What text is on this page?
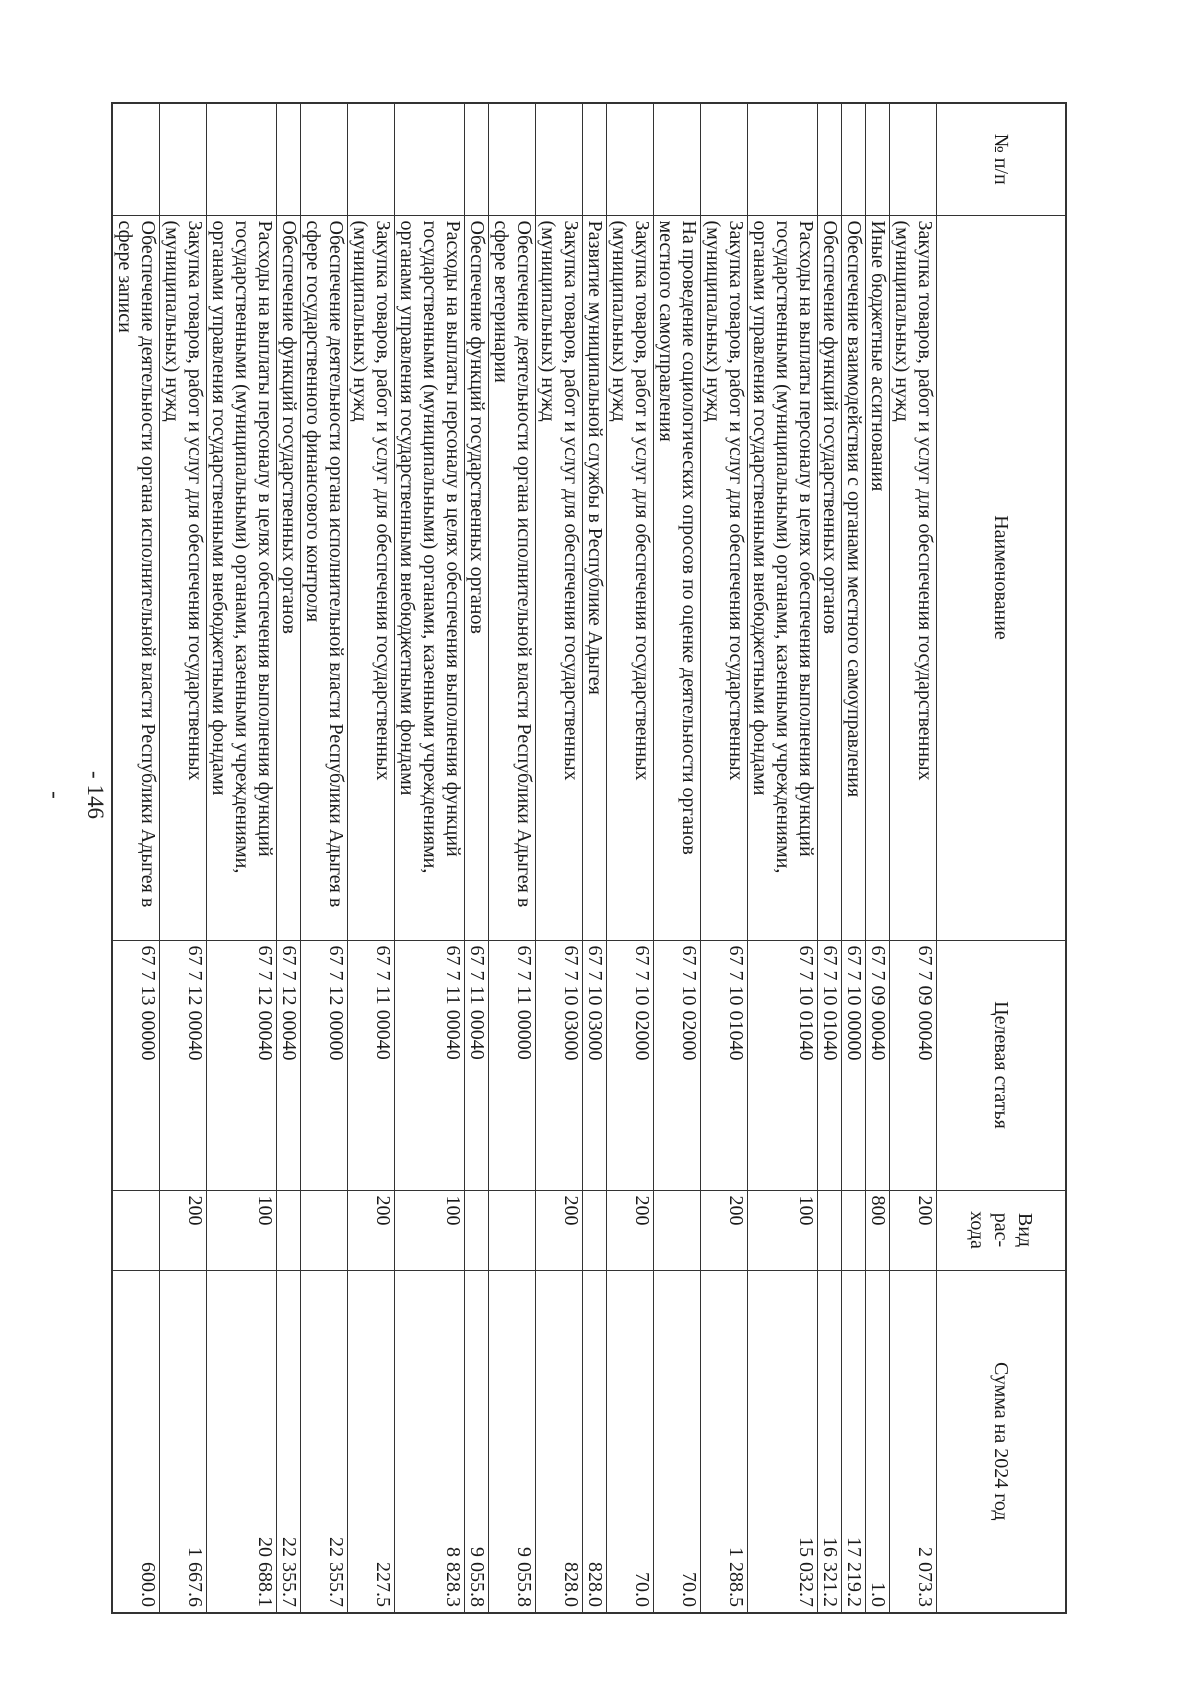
- 146 -
№ п/п	Наименование	Целевая статья	Вид рас-хода	Сумма на 2024 год
	Закупка товаров, работ и услуг для обеспечения государственных (муниципальных) нужд	67 7 09 00040	200	2 073.3
	Иные бюджетные ассигнования	67 7 09 00040	800	1.0
	Обеспечение взаимодействия с органами местного самоуправления	67 7 10 00000		17 219.2
	Обеспечение функций государственных органов	67 7 10 01040		16 321.2
	Расходы на выплаты персоналу в целях обеспечения выполнения функций государственными (муниципальными) органами, казенными учреждениями, органами управления государственными внебюджетными фондами	67 7 10 01040	100	15 032.7
	Закупка товаров, работ и услуг для обеспечения государственных (муниципальных) нужд	67 7 10 01040	200	1 288.5
	На проведение социологических опросов по оценке деятельности органов местного самоуправления	67 7 10 02000		70.0
	Закупка товаров, работ и услуг для обеспечения государственных (муниципальных) нужд	67 7 10 02000	200	70.0
	Развитие муниципальной службы в Республике Адыгея	67 7 10 03000		828.0
	Закупка товаров, работ и услуг для обеспечения государственных (муниципальных) нужд	67 7 10 03000	200	828.0
	Обеспечение деятельности органа исполнительной власти Республики Адыгея в сфере ветеринарии	67 7 11 00000		9 055.8
	Обеспечение функций государственных органов	67 7 11 00040		9 055.8
	Расходы на выплаты персоналу в целях обеспечения выполнения функций государственными (муниципальными) органами, казенными учреждениями, органами управления государственными внебюджетными фондами	67 7 11 00040	100	8 828.3
	Закупка товаров, работ и услуг для обеспечения государственных (муниципальных) нужд	67 7 11 00040	200	227.5
	Обеспечение деятельности органа исполнительной власти Республики Адыгея в сфере государственного финансового контроля	67 7 12 00000		22 355.7
	Обеспечение функций государственных органов	67 7 12 00040		22 355.7
	Расходы на выплаты персоналу в целях обеспечения выполнения функций государственными (муниципальными) органами, казенными учреждениями, органами управления государственными внебюджетными фондами	67 7 12 00040	100	20 688.1
	Закупка товаров, работ и услуг для обеспечения государственных (муниципальных) нужд	67 7 12 00040	200	1 667.6
	Обеспечение деятельности органа исполнительной власти Республики Адыгея в сфере записи	67 7 13 00000		600.0
